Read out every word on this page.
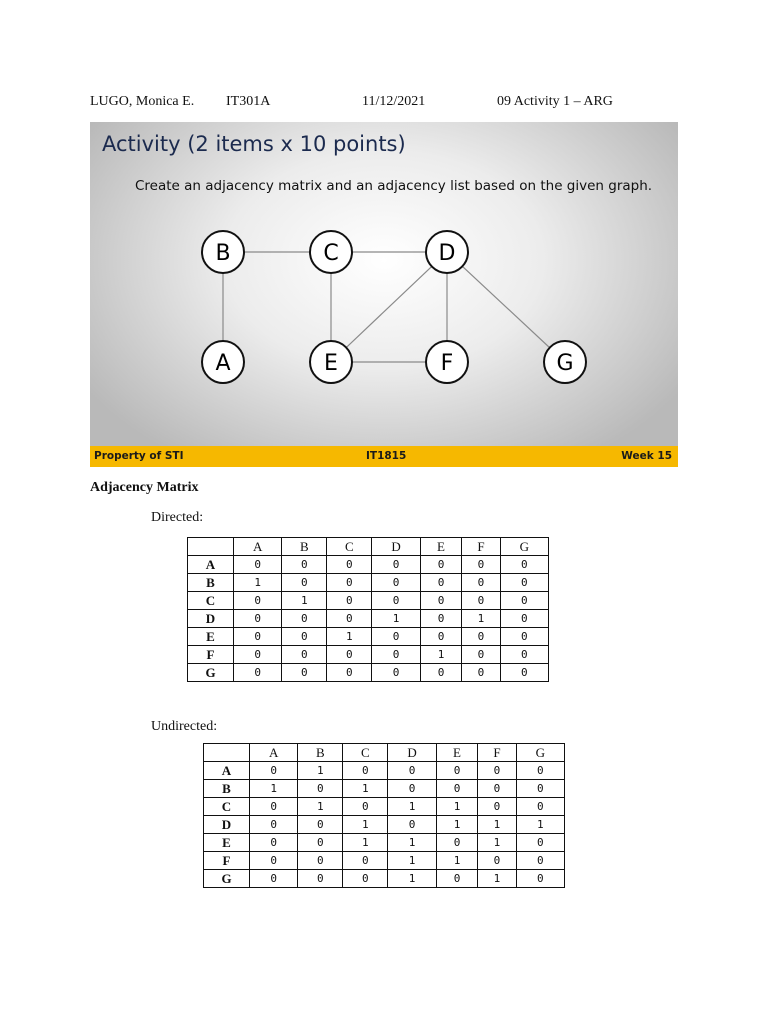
LUGO, Monica E. IT301A	11/12/2021	09 Activity 1 – ARG
Activity (2 items x 10 points)
Create an adjacency matrix and an adjacency list based on the given graph.
B	C	D
A	E	F	G
Property of STI	IT1815	Week 15
Adjacency Matrix
Directed:
	A	B	C	D	E	F	G
A	0	0	0	0	0	0	0
B	1	0	0	0	0	0	0
C	0	1	0	0	0	0	0
D	0	0	0	1	0	1	0
E	0	0	1	0	0	0	0
F	0	0	0	0	1	0	0
G	0	0	0	0	0	0	0
Undirected:
	A	B	C	D	E	F	G
A	0	1	0	0	0	0	0
B	1	0	1	0	0	0	0
C	0	1	0	1	1	0	0
D	0	0	1	0	1	1	1
E	0	0	1	1	0	1	0
F	0	0	0	1	1	0	0
G	0	0	0	1	0	1	0
